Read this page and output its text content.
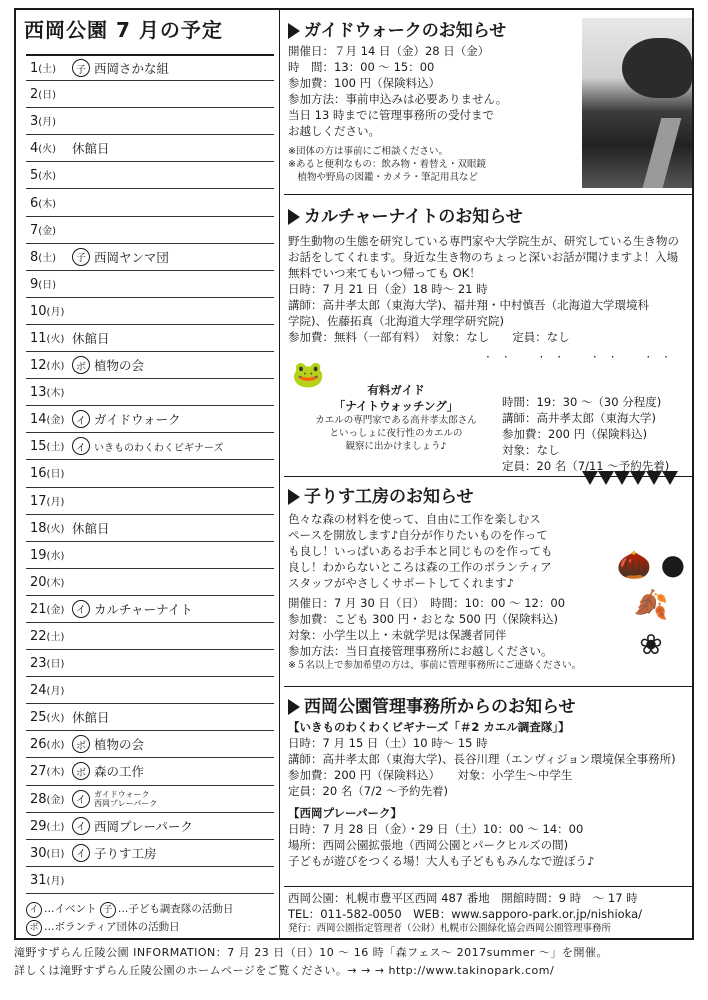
西岡公園 7 月の予定
1(土)	子 西岡さかな組
2(日)
3(月)
4(火)	休館日
5(水)
6(木)
7(金)
8(土)	子 西岡ヤンマ団
9(日)
10(月)
11(火) 休館日
12(水)	ボ 植物の会
13(木)
14(金)	イ ガイドウォーク
15(土)	イ いきものわくわくビギナーズ
16(日)
17(月)
18(火) 休館日
19(水)
20(木)
21(金)	イ カルチャーナイト
22(土)
23(日)
24(月)
25(火) 休館日
26(水)	ボ 植物の会
27(木)	ボ 森の工作
28(金)	イ
ガイドウォーク
西岡プレーパーク
29(土)	イ 西岡プレーパーク
30(日)	イ 子りす工房
31(月)
イ …イベント 子 …子ども調査隊の活動日
ボ …ボランティア団体の活動日
ガイドウォークのお知らせ
開催日：７月 14 日（金）28 日（金）
時　間：13：00 ～ 15：00
参加費：100 円（保険料込）
参加方法：事前申込みは必要ありません。
当日 13 時までに管理事務所の受付まで
お越しください。
※団体の方は事前にご相談ください。
※あると便利なもの：飲み物・着替え・双眼鏡
　植物や野鳥の図鑑・カメラ・筆記用具など
カルチャーナイトのお知らせ
野生動物の生態を研究している専門家や大学院生が、研究している生き物のお話をしてくれます。身近な生き物のちょっと深いお話が聞けますよ！入場無料でいつ来てもいつ帰っても OK！
日時：7 月 21 日（金）18 時～ 21 時
講師：高井孝太郎（東海大学)、福井翔・中村慎吾（北海道大学環境科
学院)、佐藤拓真（北海道大学理学研究院)
参加費：無料（一部有料）　対象：なし　　定員：なし
🐸
·· ·· ·· ··
有料ガイド
「ナイトウォッチング」
カエルの専門家である高井孝太郎さん
といっしょに夜行性のカエルの
観察に出かけましょう♪
時間：19：30 ～（30 分程度)
講師：高井孝太郎（東海大学)
参加費：200 円（保険料込)
対象：なし
定員：20 名（7/11 ～予約先着)
子りす工房のお知らせ
色々な森の材料を使って、自由に工作を楽しむス
ペースを開放します♪自分が作りたいものを作って
も良し！いっぱいあるお手本と同じものを作っても
良し！わからないところは森の工作のボランティア
スタッフがやさしくサポートしてくれます♪
開催日：7 月 30 日（日）　時間：10：00 ～ 12：00
参加費：こども 300 円・おとな 500 円（保険料込)
対象：小学生以上・未就学児は保護者同伴
参加方法：当日直接管理事務所にお越しください。
※５名以上で参加希望の方は、事前に管理事務所にご連絡ください。
🌰 ●
🍂
❀
西岡公園管理事務所からのお知らせ
【いきものわくわくビギナーズ「＃2 カエル調査隊」】
日時：7 月 15 日（土）10 時～ 15 時
講師：高井孝太郎（東海大学)、長谷川理（エンヴィジョン環境保全事務所)
参加費：200 円（保険料込）　　対象：小学生～中学生
定員：20 名（7/2 ～予約先着)
【西岡プレーパーク】
日時：7 月 28 日（金）・29 日（土）10：00 ～ 14：00
場所：西岡公園拡張地（西岡公園とパークヒルズの間)
子どもが遊びをつくる場！大人も子どももみんなで遊ぼう♪
西岡公園：札幌市豊平区西岡 487 番地　開館時間：9 時　～ 17 時
TEL：011-582-0050　WEB：www.sapporo-park.or.jp/nishioka/
発行：西岡公園指定管理者（公財）札幌市公園緑化協会西岡公園管理事務所
滝野すずらん丘陵公園 INFORMATION：7 月 23 日（日）10 ～ 16 時「森フェス～ 2017summer ～」を開催。
詳しくは滝野すずらん丘陵公園のホームページをご覧ください。→ → → http://www.takinopark.com/
